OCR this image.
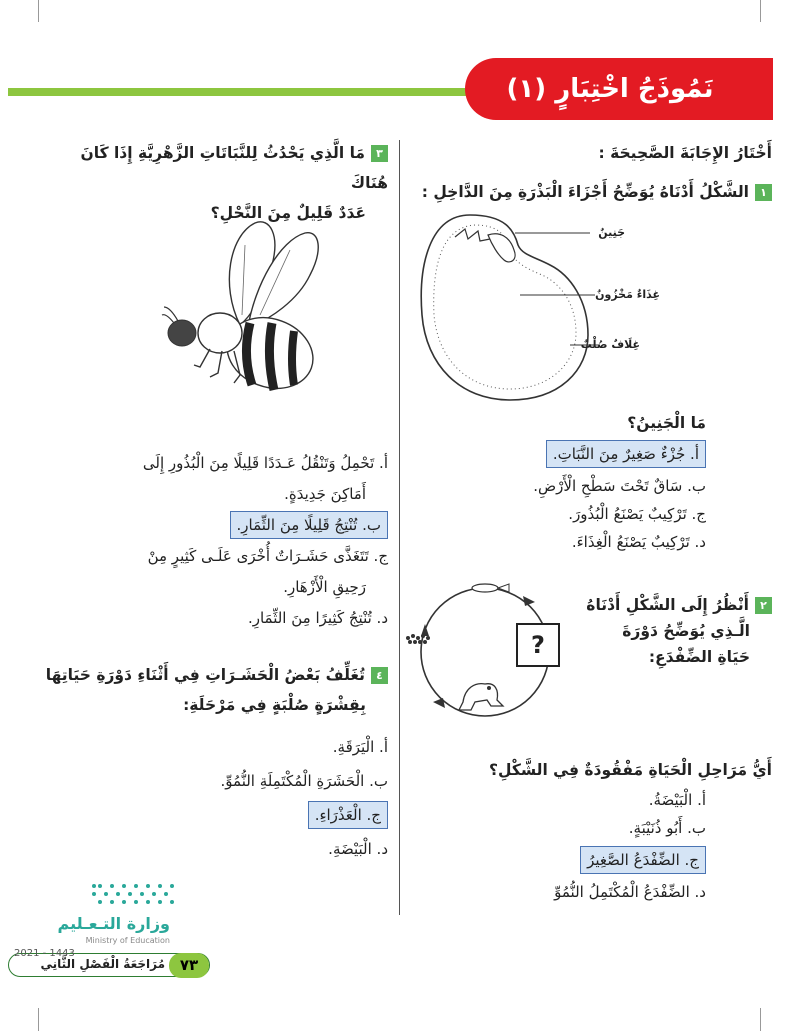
نَمُوذَجُ اخْتِبَارٍ (١)
أَخْتَارُ الإِجَابَةَ الصَّحِيحَةَ :
١الشَّكْلُ أَدْنَاهُ يُوَضِّحُ أَجْزَاءَ الْبَذْرَةِ مِنَ الدَّاخِلِ :
جَنِينٌ
غِذَاءٌ مَخْزُونٌ
غِلَافٌ صُلْبٌ
مَا الْجَنِينُ؟
أ. جُزْءٌ صَغِيرٌ مِنَ النَّبَاتِ.
ب. سَاقٌ تَحْتَ سَطْحِ الْأَرْضِ.
ج. تَرْكِيبٌ يَصْنَعُ الْبُذُورَ.
د. تَرْكِيبٌ يَصْنَعُ الْغِذَاءَ.
٢أَنْظُرُ إِلَى الشَّكْلِ أَدْنَاهُ
الَّـذِي يُوَضِّحُ دَوْرَةَ
حَيَاةِ الضِّفْدَعِ:
?
أَيُّ مَرَاحِلِ الْحَيَاةِ مَفْقُودَةٌ فِي الشَّكْلِ؟
أ. الْبَيْضَةُ.
ب. أَبُو ذُنَيْبَةٍ.
ج. الضِّفْدَعُ الصَّغِيرُ
د. الضِّفْدَعُ الْمُكْتَمِلُ النُّمُوِّ
٣مَا الَّذِي يَحْدُثُ لِلنَّبَاتَاتِ الزَّهْرِيَّةِ إِذَا كَانَ هُنَاكَ
عَدَدٌ قَلِيلٌ مِنَ النَّحْلِ؟
أ. تَحْمِلُ وَتَنْقُلُ عَـدَدًا قَلِيلًا مِنَ الْبُذُورِ إِلَى
أَمَاكِنَ جَدِيدَةٍ.
ب. تُنْتِجُ قَلِيلًا مِنَ الثِّمَارِ.
ج. تَتَغَذَّى حَشَـرَاتٌ أُخْرَى عَلَـى كَثِيرٍ مِنْ
رَحِيقِ الْأَزْهَارِ.
د. تُنْتِجُ كَثِيرًا مِنَ الثِّمَارِ.
٤تُغَلِّفُ بَعْضُ الْحَشَـرَاتِ فِي أَثْنَاءِ دَوْرَةِ حَيَاتِهَا
بِقِشْرَةٍ صُلْبَةٍ فِي مَرْحَلَةِ:
أ. الْيَرَقَةِ.
ب. الْحَشَرَةِ الْمُكْتَمِلَةِ النُّمُوِّ.
ج. الْعَذْرَاءِ.
د. الْبَيْضَةِ.
وزارة التـعـليم
Ministry of Education
2021 - 1443
مُرَاجَعَةُ الْفَصْلِ الثَّانِي ٧٣
